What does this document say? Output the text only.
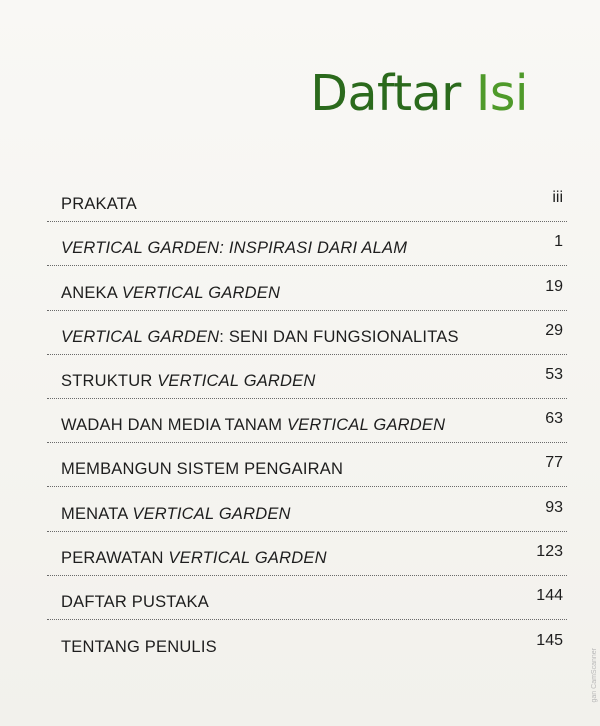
Daftar Isi
PRAKATA	iii
VERTICAL GARDEN: INSPIRASI DARI ALAM	1
ANEKA VERTICAL GARDEN	19
VERTICAL GARDEN: SENI DAN FUNGSIONALITAS	29
STRUKTUR VERTICAL GARDEN	53
WADAH DAN MEDIA TANAM VERTICAL GARDEN	63
MEMBANGUN SISTEM PENGAIRAN	77
MENATA VERTICAL GARDEN	93
PERAWATAN VERTICAL GARDEN	123
DAFTAR PUSTAKA	144
TENTANG PENULIS	145
gan CamScanner
